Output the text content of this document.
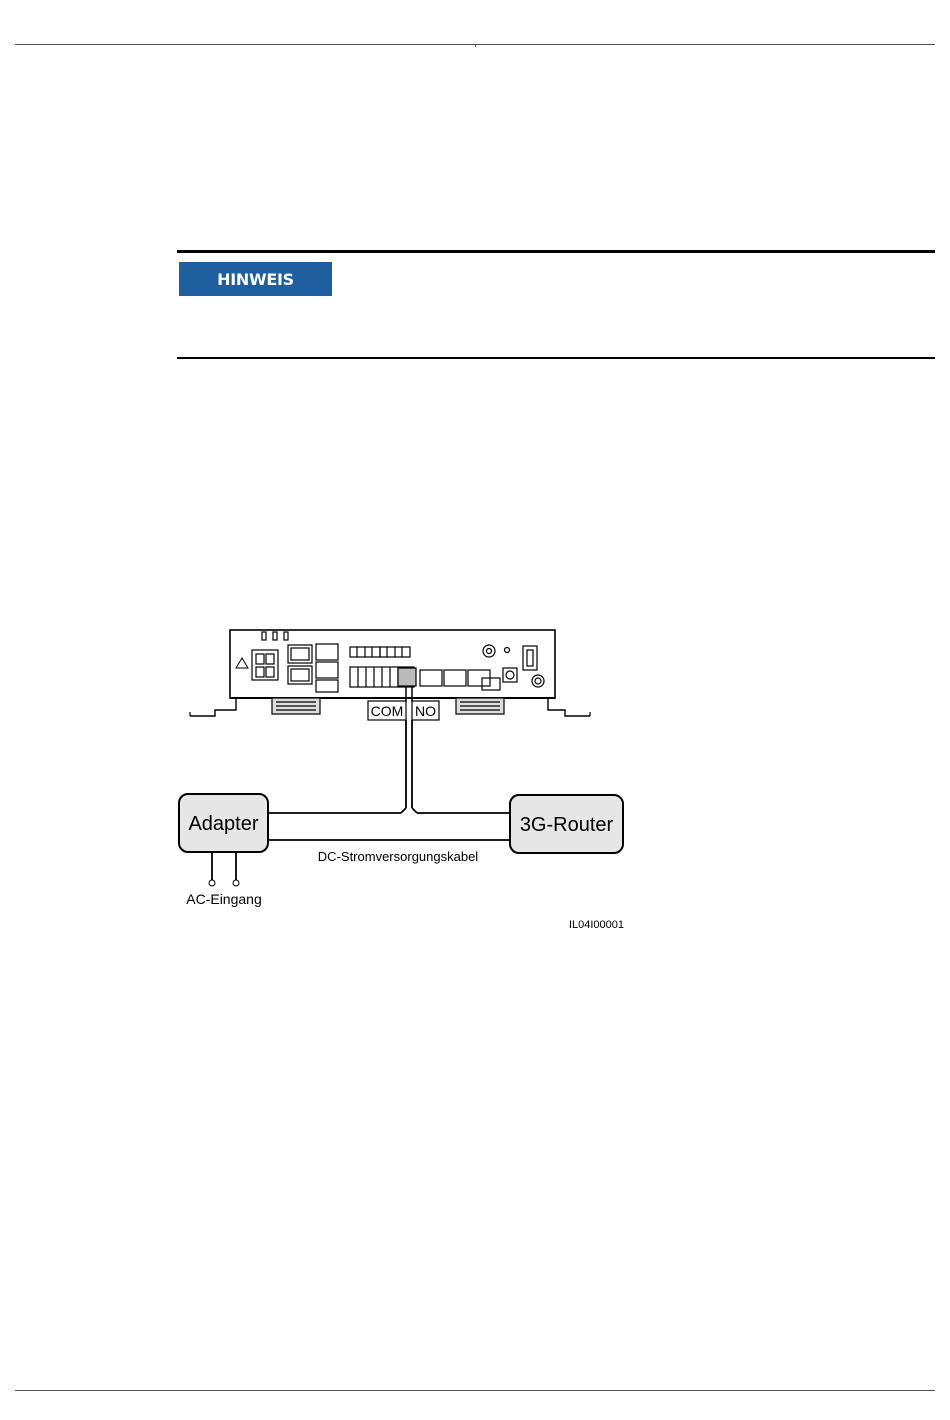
HINWEIS
COM NO
Adapter	3G-Router
DC-Stromversorgungskabel
AC-Eingang
IL04I00001
